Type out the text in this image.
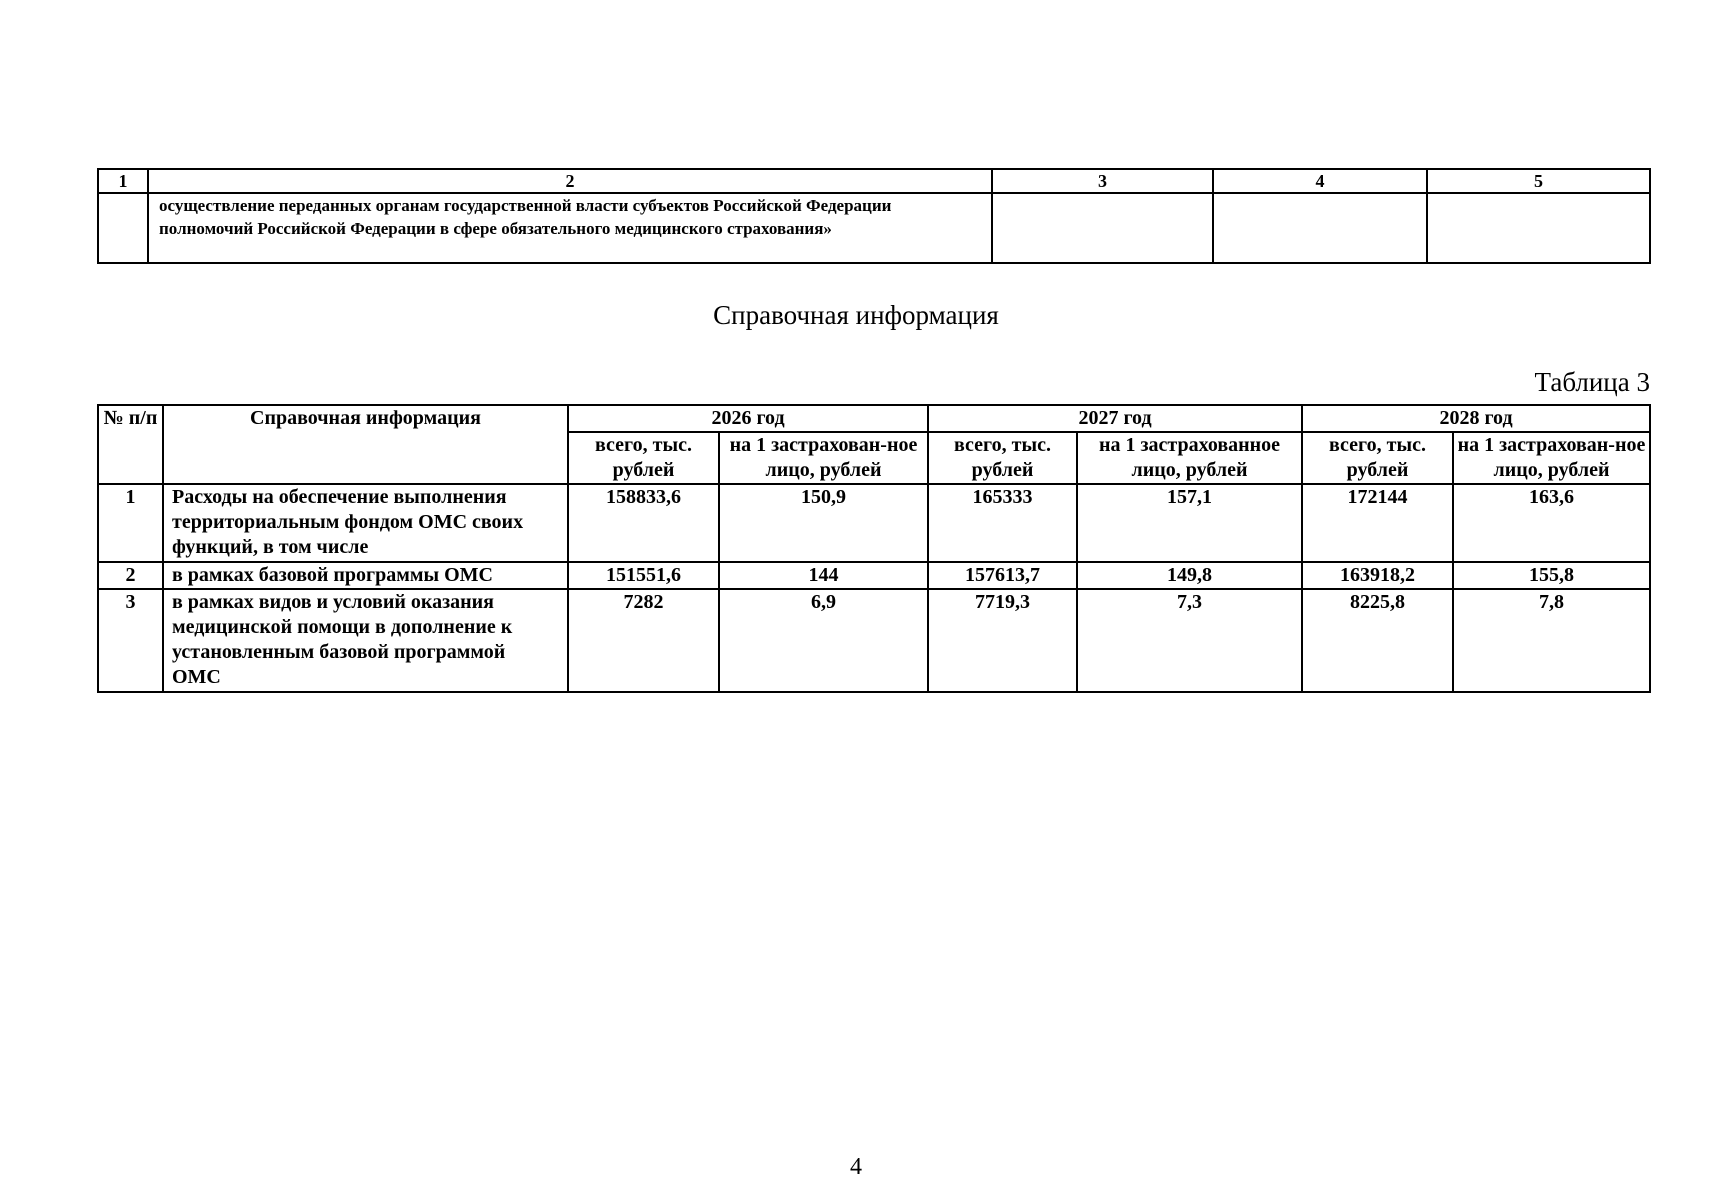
1	2	3	4	5
	осуществление переданных органам государственной власти субъектов Российской Федерации полномочий Российской Федерации в сфере обязательного медицинского страхования»			
Справочная информация
Таблица 3
№ п/п	Справочная информация	2026 год		2027 год		2028 год	
		всего, тыс. рублей	на 1 застрахован-ное лицо, рублей	всего, тыс. рублей	на 1 застрахованное лицо, рублей	всего, тыс. рублей	на 1 застрахован-ное лицо, рублей
1	Расходы на обеспечение выполнения территориальным фондом ОМС своих функций, в том числе	158833,6	150,9	165333	157,1	172144	163,6
2	в рамках базовой программы ОМС	151551,6	144	157613,7	149,8	163918,2	155,8
3	в рамках видов и условий оказания медицинской помощи в дополнение к установленным базовой программой ОМС	7282	6,9	7719,3	7,3	8225,8	7,8
4
